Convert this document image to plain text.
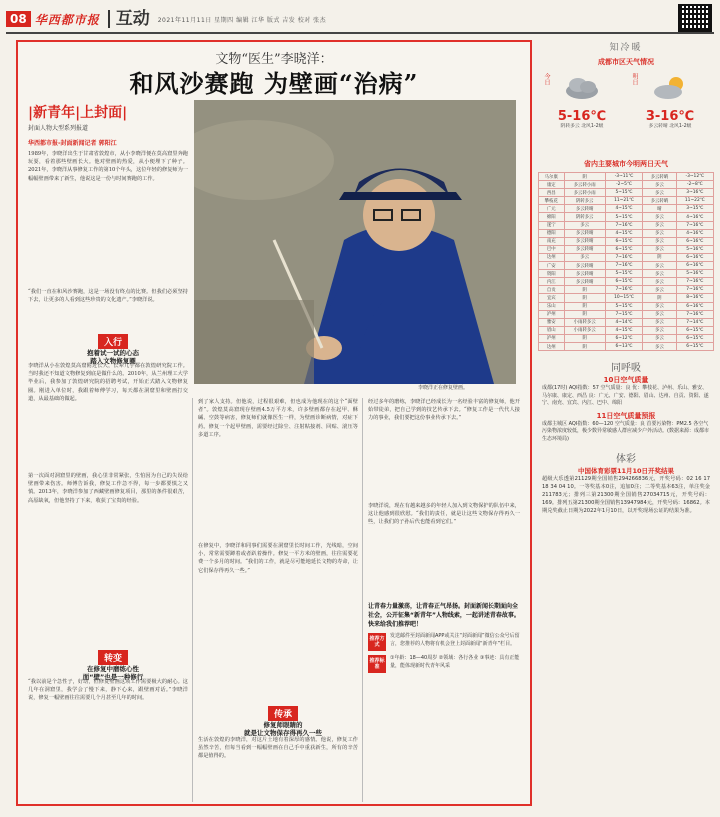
08 华西都市报 互动 2021年11月11日 星期四 编辑 江华 版式 吉发 校对 张杰
文物“医生”李晓洋：
和风沙赛跑 为壁画“治病”
|新青年|上封面|
封面人物大型系列报道
华西都市报-封面新闻记者 郭阳江
1989年，李晓洋出生于甘肃省敦煌市，从小李晓洋便在莫高窟里奔跑玩耍，看着那些壁画长大。他对壁画的热爱，从小便埋下了种子。2021年，李晓洋从事修复工作的第10个年头，这位年轻的修复师为一幅幅壁画带来了新生，他说这是一份与时间赛跑的工作。
“我们一直在和风沙赛跑，这是一场没有终点的比赛。但我们必须坚持下去，让更多的人看到这些珍贵的文化遗产。”李晓洋说。
李晓洋正在修复壁画。
入行
抱着试一试的心态
踏入文物修复圈
李晓洋从小在敦煌莫高窟附近长大，长辈几乎都在敦煌研究院工作。当时我还不知道文物修复到底是做什么的。2010年，从兰州理工大学毕业后，我参加了敦煌研究院的招聘考试，开始正式踏入文物修复圈。刚进入单位时，我跟着师傅学习，每天都在洞窟里和壁画打交道，从最基础的做起。
第一次面对洞窟里的壁画，我心里非常紧张，生怕因为自己的失误给壁画带来伤害。师傅告诉我，修复工作急不得，每一步都要慎之又慎。2013年，李晓洋参加了西藏壁画修复项目，那里的条件很艰苦，高原缺氧，但他坚持了下来，收获了宝贵的经验。
转变
在修复中磨练心性
面“壁”也是一种修行
“我以前是个急性子，好动，但修复壁画这项工作需要极大的耐心。这几年在洞窟里，我学会了慢下来，静下心来，跟壁画对话。”李晓洋说，修复一幅壁画往往需要几个月甚至几年的时间。
到了家人支持。但他说，过程很艰难，但也成为他现在的这个“面壁者”。敦煌莫高窟现存壁画4.5万平方米，许多壁画都存在起甲、酥碱、空鼓等病害，修复师们就像医生一样，为壁画诊断病情，对症下药。修复一个起甲壁画，需要经过除尘、注射粘接剂、回贴、滚压等多道工序。
在修复中，李晓洋和同事们需要在洞窟里长时间工作，光线暗，空间小，常常需要蹲着或者趴着操作。修复一平方米的壁画，往往需要花费一个多月的时间。“我们的工作，就是尽可能地延长文物的寿命，让它们保存得再久一些。”
传承
修复师眼睛的
就是让文物保存得再久一些
生活在敦煌的李晓洋，对这片土地有着深厚的感情。他说，修复工作虽然辛苦，但每当看到一幅幅壁画在自己手中重获新生，所有的辛苦都是值得的。
经过多年的磨练，李晓洋已经成长为一名经验丰富的修复师，他开始带徒弟，把自己学到的技艺传承下去。“修复工作是一代代人接力的事业，我们要把这份事业传承下去。”
李晓洋说，现在有越来越多的年轻人加入到文物保护的队伍中来，这让他感到很欣慰。“我们的责任，就是让这些文物保存得再久一些，让我们的子孙后代也能看到它们。”
让青春力量激荡，让青春正气昂扬。封面新闻长期面向全社会，公开征集“新青年”人物线索，一起讲述青春故事。快来给我们推荐吧！
推荐方式
发送邮件至封面新闻APP或关注“封面新闻”微信公众号后留言，您推荐的人物将有机会登上封面新闻“新青年”栏目。
推荐标准
①年龄：18—40周岁 ②领域：各行各业 ③事迹：具有正能量，能体现新时代青年风采
知冷暖
成都市区天气情况
今日
5-16℃
阴转多云 北风1-2级
明日
3-16℃
多云转晴 北风1-2级
省内主要城市今明两日天气
马尔康	阴	-3~11℃	多云转晴	-3~12℃
康定	多云转小雨	-2~5℃	多云	-2~8℃
西昌	多云转小雨	5~15℃	多云	3~16℃
攀枝花	阴转多云	11~21℃	多云转晴	11~22℃
广元	多云转晴	4~15℃	晴	3~15℃
绵阳	阴转多云	5~15℃	多云	4~16℃
遂宁	多云	7~16℃	多云	7~16℃
德阳	多云转晴	4~15℃	多云	4~16℃
南充	多云转晴	6~15℃	多云	6~16℃
巴中	多云转晴	6~15℃	多云	5~16℃
达州	多云	7~16℃	阴	6~16℃
广安	多云转晴	7~16℃	多云	6~16℃
资阳	多云转晴	5~15℃	多云	5~16℃
内江	多云转晴	6~15℃	多云	7~16℃
自贡	阴	7~16℃	多云	7~16℃
宜宾	阴	10~15℃	阴	8~16℃
乐山	阴	5~15℃	多云	6~16℃
泸州	阴	7~15℃	多云	7~16℃
雅安	小雨转多云	4~14℃	多云	7~14℃
眉山	小雨转多云	4~15℃	多云	6~15℃
泸州	阴	6~12℃	多云	6~15℃
达州	阴	6~13℃	多云	6~15℃
同呼吸
10日空气质量
成都(17时) AQI指数：57 空气质量：良 优：攀枝花、泸州、乐山、雅安、马尔康、康定、西昌 良：广元、广安、德阳、眉山、达州、自贡、资阳、遂宁、南充、宜宾、内江、巴中、绵阳
11日空气质量预报
成都主城区 AQI指数：60—120 空气质量：良 首要污染物：PM2.5 各空气污染物浓度较低，极少数异常敏感人群应减少户外活动。(数据来源：成都市生态环境局)
体彩
中国体育彩票11月10日开奖结果
超级大乐透第21129期全国销售294266836元，开奖号码：02 16 17 18 34 04 10。一等奖基本0注，追加0注；二等奖基本63注，单注奖金211783元；排列三第21300期全国销售27034715元，开奖号码：169。排列五第21300期全国销售13947984元，开奖号码：16862。本期兑奖截止日期为2022年1月10日，以开奖现场公证的结果为准。
